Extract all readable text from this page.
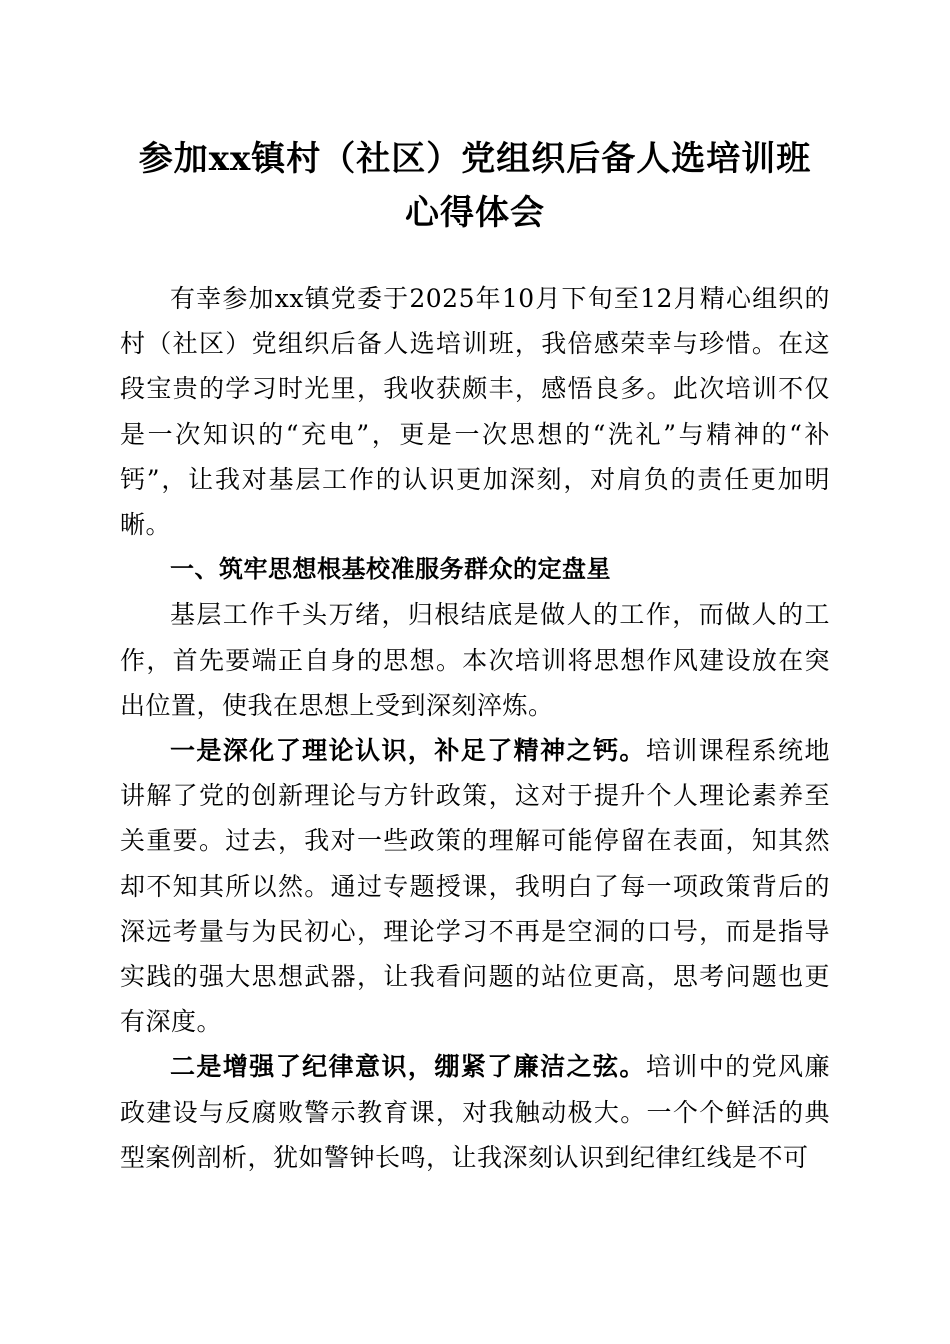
参加xx镇村（社区）党组织后备人选培训班
心得体会

有幸参加xx镇党委于2025年10月下旬至12月精心组织的村（社区）党组织后备人选培训班，我倍感荣幸与珍惜。在这段宝贵的学习时光里，我收获颇丰，感悟良多。此次培训不仅是一次知识的“充电”，更是一次思想的“洗礼”与精神的“补钙”，让我对基层工作的认识更加深刻，对肩负的责任更加明晰。

一、筑牢思想根基校准服务群众的定盘星

基层工作千头万绪，归根结底是做人的工作，而做人的工作，首先要端正自身的思想。本次培训将思想作风建设放在突出位置，使我在思想上受到深刻淬炼。

一是深化了理论认识，补足了精神之钙。培训课程系统地讲解了党的创新理论与方针政策，这对于提升个人理论素养至关重要。过去，我对一些政策的理解可能停留在表面，知其然却不知其所以然。通过专题授课，我明白了每一项政策背后的深远考量与为民初心，理论学习不再是空洞的口号，而是指导实践的强大思想武器，让我看问题的站位更高，思考问题也更有深度。

二是增强了纪律意识，绷紧了廉洁之弦。培训中的党风廉政建设与反腐败警示教育课，对我触动极大。一个个鲜活的典型案例剖析，犹如警钟长鸣，让我深刻认识到纪律红线是不可
